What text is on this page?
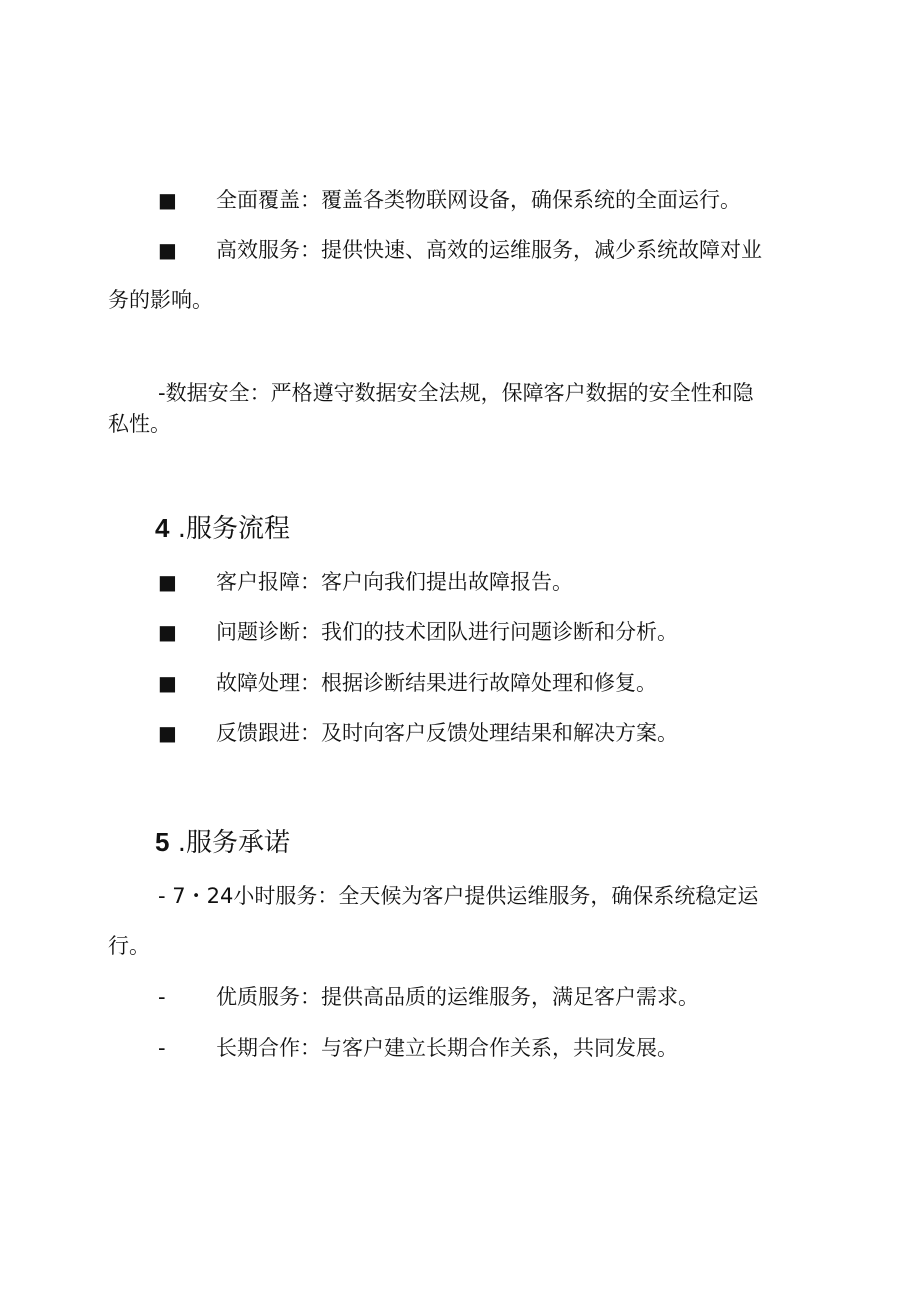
■ 全面覆盖：覆盖各类物联网设备，确保系统的全面运行。
■ 高效服务：提供快速、高效的运维服务，减少系统故障对业
务的影响。
-数据安全：严格遵守数据安全法规，保障客户数据的安全性和隐
私性。
4 .服务流程
■ 客户报障：客户向我们提出故障报告。
■ 问题诊断：我们的技术团队进行问题诊断和分析。
■ 故障处理：根据诊断结果进行故障处理和修复。
■ 反馈跟进：及时向客户反馈处理结果和解决方案。
5 .服务承诺
- 7・24小时服务：全天候为客户提供运维服务，确保系统稳定运
行。
- 优质服务：提供高品质的运维服务，满足客户需求。
- 长期合作：与客户建立长期合作关系，共同发展。
